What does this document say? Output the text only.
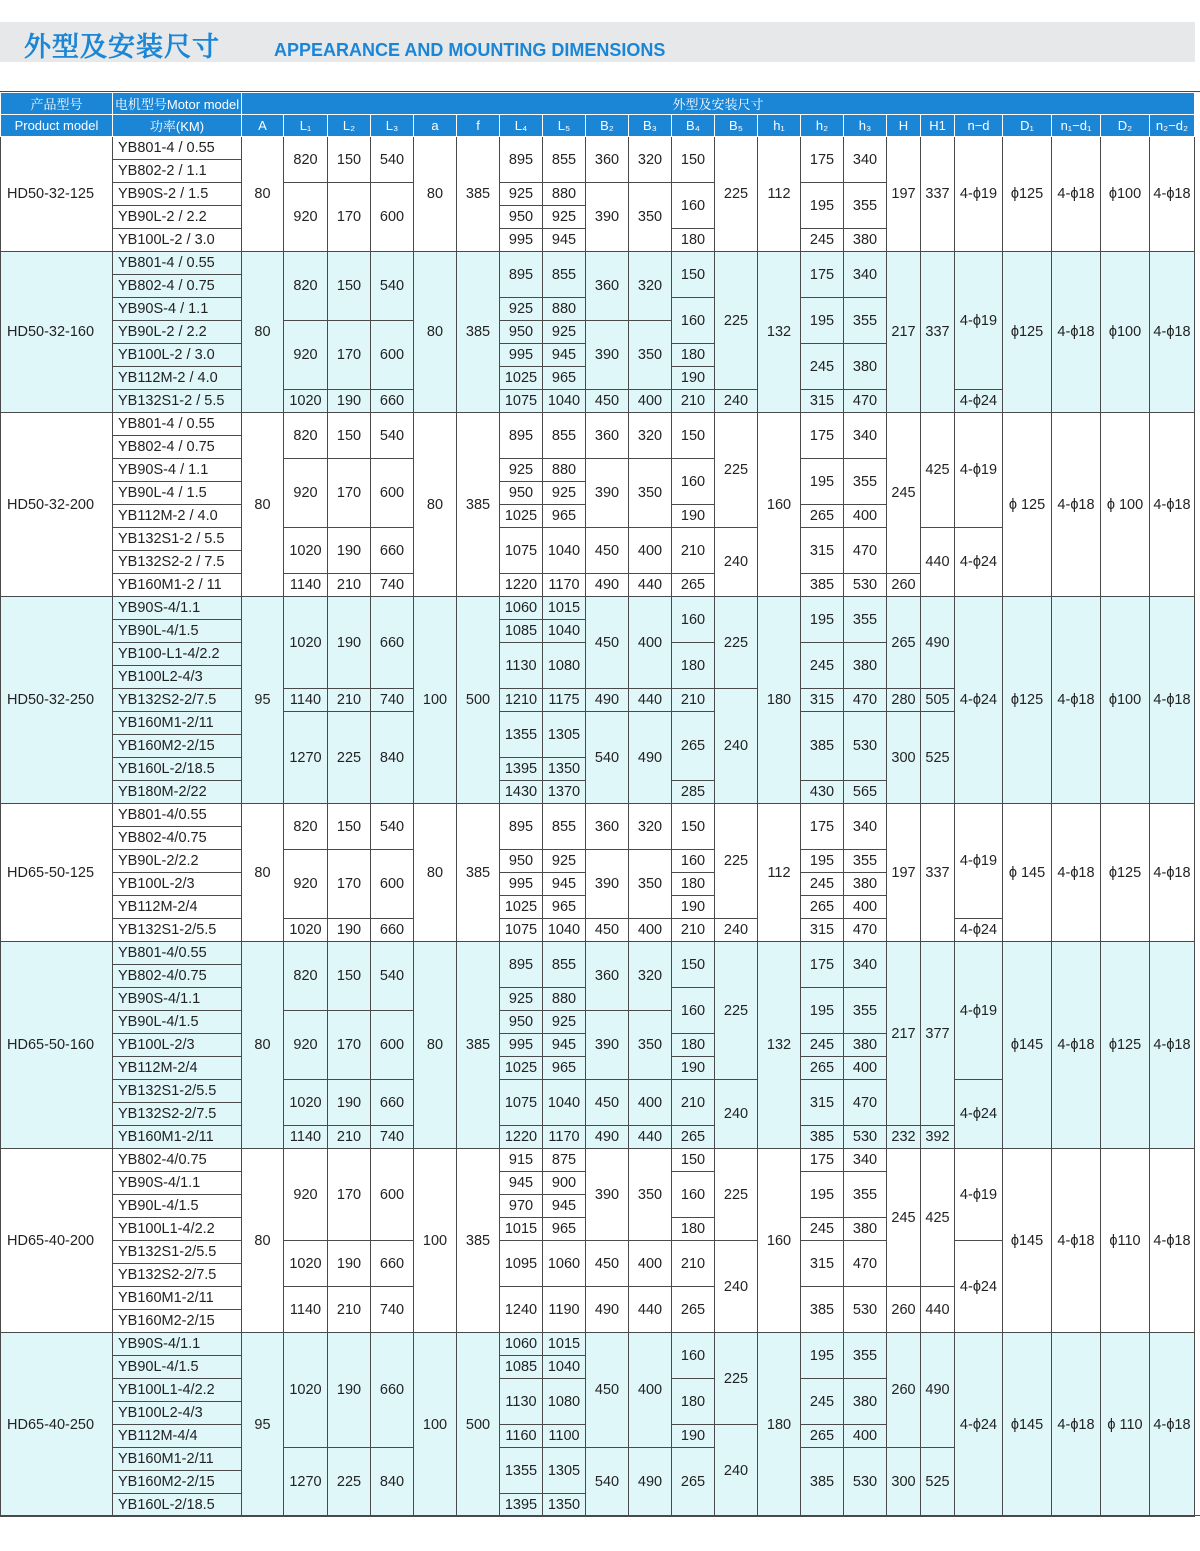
外型及安装尺寸	APPEARANCE AND MOUNTING DIMENSIONS
产品型号	电机型号Motor model	外型及安装尺寸																					
Product model	功率(KM)	A	L₁	L₂	L₃	a	f	L₄	L₅	B₂	B₃	B₄	B₅	h₁	h₂	h₃	H	H1	n−d	D₁	n₁−d₁	D₂	n₂−d₂
HD50-32-125	YB801-4 / 0.55	80	820	150	540	80	385	895	855	360	320	150	225	112	175	340	197	337	4-ϕ19	ϕ125	4-ϕ18	ϕ100	4-ϕ18
	YB802-2 / 1.1																						
	YB90S-2 / 1.5		920	170	600			925	880	390	350	160			195	355							
	YB90L-2 / 2.2							950	925														
	YB100L-2 / 3.0							995	945			180			245	380							
HD50-32-160	YB801-4 / 0.55	80	820	150	540	80	385	895	855	360	320	150	225	132	175	340	217	337	4-ϕ19	ϕ125	4-ϕ18	ϕ100	4-ϕ18
	YB802-4 / 0.75																						
	YB90S-4 / 1.1							925	880			160			195	355							
	YB90L-2 / 2.2		920	170	600			950	925	390	350												
	YB100L-2 / 3.0							995	945			180			245	380							
	YB112M-2 / 4.0							1025	965			190											
	YB132S1-2 / 5.5		1020	190	660			1075	1040	450	400	210	240		315	470			4-ϕ24				
HD50-32-200	YB801-4 / 0.55	80	820	150	540	80	385	895	855	360	320	150	225	160	175	340	245	425	4-ϕ19	ϕ 125	4-ϕ18	ϕ 100	4-ϕ18
	YB802-4 / 0.75																						
	YB90S-4 / 1.1		920	170	600			925	880	390	350	160			195	355							
	YB90L-4 / 1.5							950	925														
	YB112M-2 / 4.0							1025	965			190			265	400							
	YB132S1-2 / 5.5		1020	190	660			1075	1040	450	400	210	240		315	470		440	4-ϕ24				
	YB132S2-2 / 7.5																						
	YB160M1-2 / 11		1140	210	740			1220	1170	490	440	265			385	530	260						
HD50-32-250	YB90S-4/1.1	95	1020	190	660	100	500	1060	1015	450	400	160	225	180	195	355	265	490	4-ϕ24	ϕ125	4-ϕ18	ϕ100	4-ϕ18
	YB90L-4/1.5							1085	1040														
	YB100-L1-4/2.2							1130	1080			180			245	380							
	YB100L2-4/3																						
	YB132S2-2/7.5		1140	210	740			1210	1175	490	440	210	240		315	470	280	505					
	YB160M1-2/11		1270	225	840			1355	1305	540	490	265			385	530	300	525					
	YB160M2-2/15																						
	YB160L-2/18.5							1395	1350														
	YB180M-2/22							1430	1370			285			430	565							
HD65-50-125	YB801-4/0.55	80	820	150	540	80	385	895	855	360	320	150	225	112	175	340	197	337	4-ϕ19	ϕ 145	4-ϕ18	ϕ125	4-ϕ18
	YB802-4/0.75																						
	YB90L-2/2.2		920	170	600			950	925	390	350	160			195	355							
	YB100L-2/3							995	945			180			245	380							
	YB112M-2/4							1025	965			190			265	400							
	YB132S1-2/5.5		1020	190	660			1075	1040	450	400	210	240		315	470			4-ϕ24				
HD65-50-160	YB801-4/0.55	80	820	150	540	80	385	895	855	360	320	150	225	132	175	340	217	377	4-ϕ19	ϕ145	4-ϕ18	ϕ125	4-ϕ18
	YB802-4/0.75																						
	YB90S-4/1.1							925	880			160			195	355							
	YB90L-4/1.5		920	170	600			950	925	390	350												
	YB100L-2/3							995	945			180			245	380							
	YB112M-2/4							1025	965			190			265	400							
	YB132S1-2/5.5		1020	190	660			1075	1040	450	400	210	240		315	470			4-ϕ24				
	YB132S2-2/7.5																						
	YB160M1-2/11		1140	210	740			1220	1170	490	440	265			385	530	232	392					
HD65-40-200	YB802-4/0.75	80	920	170	600	100	385	915	875	390	350	150	225	160	175	340	245	425	4-ϕ19	ϕ145	4-ϕ18	ϕ110	4-ϕ18
	YB90S-4/1.1							945	900			160			195	355							
	YB90L-4/1.5							970	945														
	YB100L1-4/2.2							1015	965			180			245	380							
	YB132S1-2/5.5		1020	190	660			1095	1060	450	400	210	240		315	470			4-ϕ24				
	YB132S2-2/7.5																						
	YB160M1-2/11		1140	210	740			1240	1190	490	440	265			385	530	260	440					
	YB160M2-2/15																						
HD65-40-250	YB90S-4/1.1	95	1020	190	660	100	500	1060	1015	450	400	160	225	180	195	355	260	490	4-ϕ24	ϕ145	4-ϕ18	ϕ 110	4-ϕ18
	YB90L-4/1.5							1085	1040														
	YB100L1-4/2.2							1130	1080			180			245	380							
	YB100L2-4/3																						
	YB112M-4/4							1160	1100			190	240		265	400							
	YB160M1-2/11		1270	225	840			1355	1305	540	490	265			385	530	300	525					
	YB160M2-2/15																						
	YB160L-2/18.5							1395	1350														
